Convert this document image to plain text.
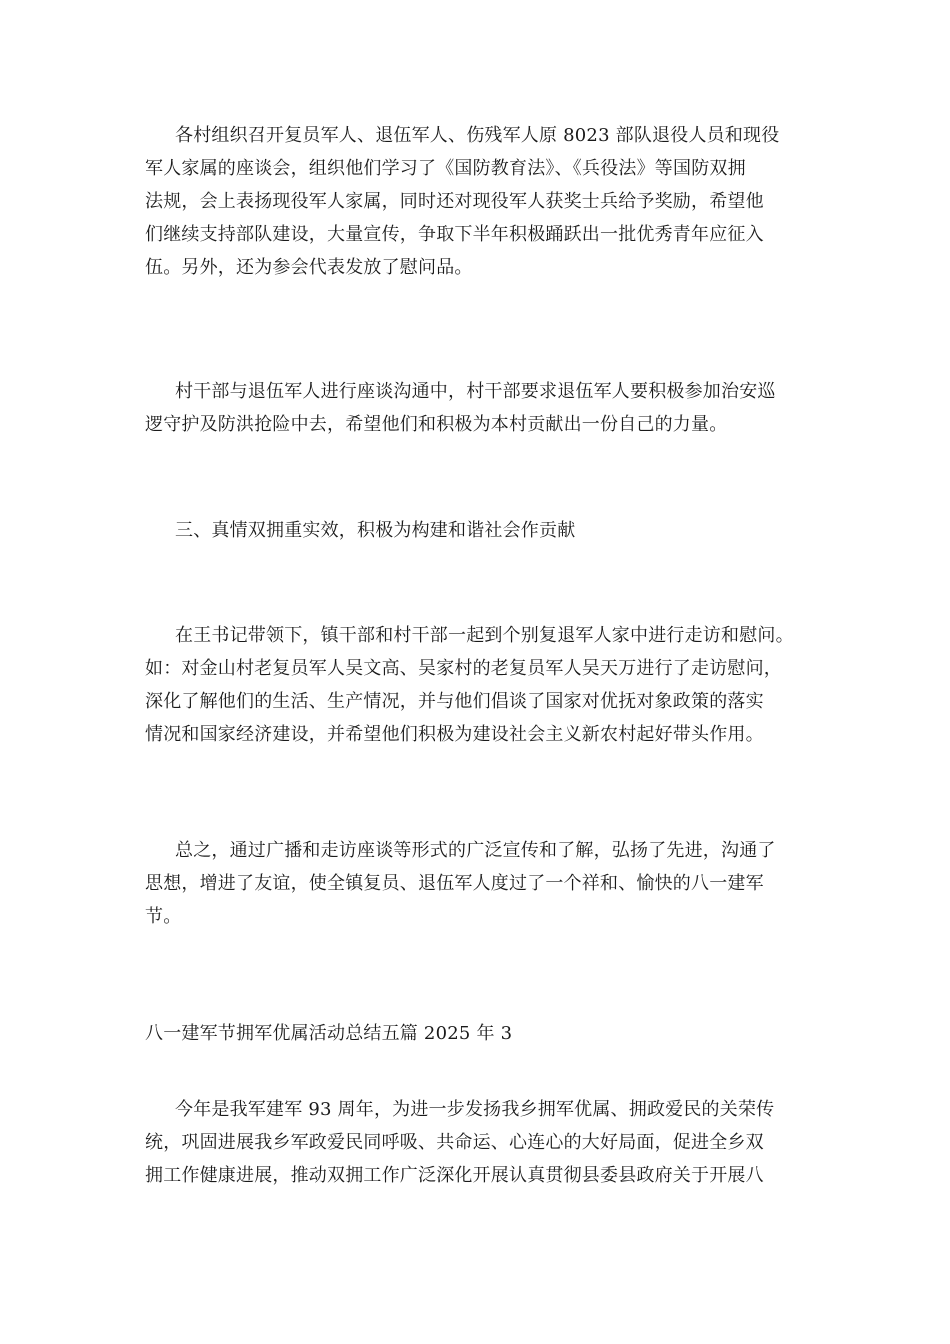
各村组织召开复员军人、退伍军人、伤残军人原 8023 部队退役人员和现役
军人家属的座谈会，组织他们学习了《国防教育法》、《兵役法》等国防双拥
法规，会上表扬现役军人家属，同时还对现役军人获奖士兵给予奖励，希望他
们继续支持部队建设，大量宣传，争取下半年积极踊跃出一批优秀青年应征入
伍。另外，还为参会代表发放了慰问品。
村干部与退伍军人进行座谈沟通中，村干部要求退伍军人要积极参加治安巡
逻守护及防洪抢险中去，希望他们和积极为本村贡献出一份自己的力量。
三、真情双拥重实效，积极为构建和谐社会作贡献
在王书记带领下，镇干部和村干部一起到个别复退军人家中进行走访和慰问。
如：对金山村老复员军人吴文高、吴家村的老复员军人吴天万进行了走访慰问，
深化了解他们的生活、生产情况，并与他们倡谈了国家对优抚对象政策的落实
情况和国家经济建设，并希望他们积极为建设社会主义新农村起好带头作用。
总之，通过广播和走访座谈等形式的广泛宣传和了解，弘扬了先进，沟通了
思想，增进了友谊，使全镇复员、退伍军人度过了一个祥和、愉快的八一建军
节。
八一建军节拥军优属活动总结五篇 2025 年 3
今年是我军建军 93 周年，为进一步发扬我乡拥军优属、拥政爱民的关荣传
统，巩固进展我乡军政爱民同呼吸、共命运、心连心的大好局面，促进全乡双
拥工作健康进展，推动双拥工作广泛深化开展认真贯彻县委县政府关于开展八
